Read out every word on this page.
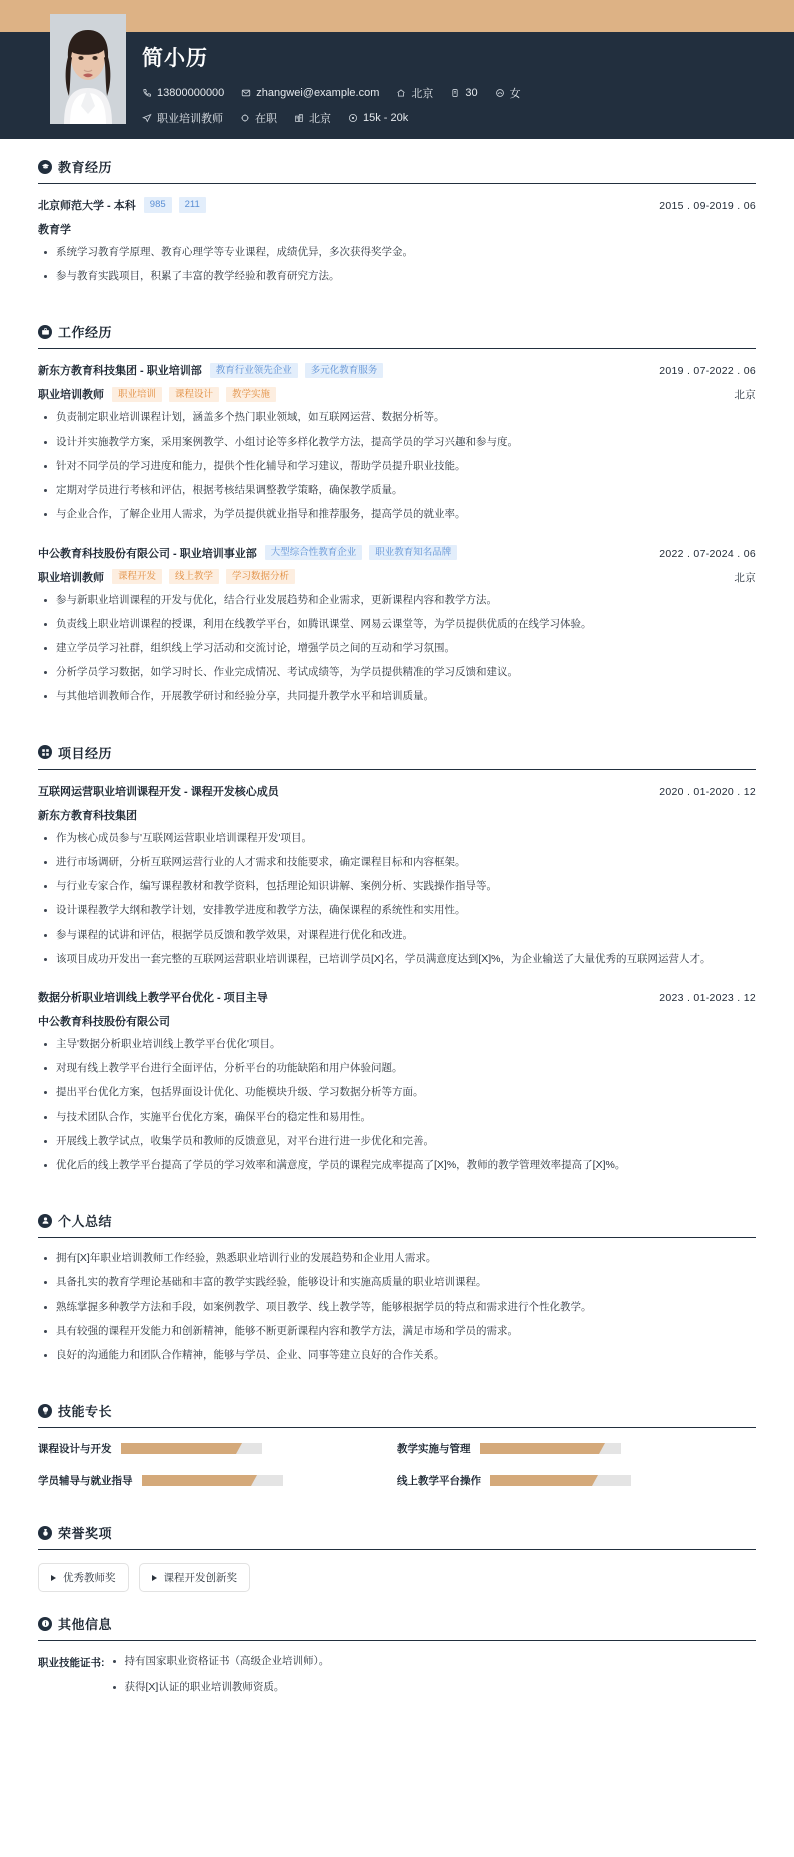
简小历
13800000000	zhangwei@example.com	北京	30	女
职业培训教师	在职	北京	15k - 20k
教育经历
北京师范大学 - 本科	985	211	2015 . 09-2019 . 06
教育学
系统学习教育学原理、教育心理学等专业课程，成绩优异，多次获得奖学金。
参与教育实践项目，积累了丰富的教学经验和教育研究方法。
工作经历
新东方教育科技集团 - 职业培训部	教育行业领先企业	多元化教育服务	2019 . 07-2022 . 06
职业培训教师	职业培训	课程设计	教学实施	北京
负责制定职业培训课程计划，涵盖多个热门职业领域，如互联网运营、数据分析等。
设计并实施教学方案，采用案例教学、小组讨论等多样化教学方法，提高学员的学习兴趣和参与度。
针对不同学员的学习进度和能力，提供个性化辅导和学习建议，帮助学员提升职业技能。
定期对学员进行考核和评估，根据考核结果调整教学策略，确保教学质量。
与企业合作，了解企业用人需求，为学员提供就业指导和推荐服务，提高学员的就业率。
中公教育科技股份有限公司 - 职业培训事业部	大型综合性教育企业	职业教育知名品牌	2022 . 07-2024 . 06
职业培训教师	课程开发	线上教学	学习数据分析	北京
参与新职业培训课程的开发与优化，结合行业发展趋势和企业需求，更新课程内容和教学方法。
负责线上职业培训课程的授课，利用在线教学平台，如腾讯课堂、网易云课堂等，为学员提供优质的在线学习体验。
建立学员学习社群，组织线上学习活动和交流讨论，增强学员之间的互动和学习氛围。
分析学员学习数据，如学习时长、作业完成情况、考试成绩等，为学员提供精准的学习反馈和建议。
与其他培训教师合作，开展教学研讨和经验分享，共同提升教学水平和培训质量。
项目经历
互联网运营职业培训课程开发 - 课程开发核心成员	2020 . 01-2020 . 12
新东方教育科技集团
作为核心成员参与'互联网运营职业培训课程开发'项目。
进行市场调研，分析互联网运营行业的人才需求和技能要求，确定课程目标和内容框架。
与行业专家合作，编写课程教材和教学资料，包括理论知识讲解、案例分析、实践操作指导等。
设计课程教学大纲和教学计划，安排教学进度和教学方法，确保课程的系统性和实用性。
参与课程的试讲和评估，根据学员反馈和教学效果，对课程进行优化和改进。
该项目成功开发出一套完整的互联网运营职业培训课程，已培训学员[X]名，学员满意度达到[X]%，为企业输送了大量优秀的互联网运营人才。
数据分析职业培训线上教学平台优化 - 项目主导	2023 . 01-2023 . 12
中公教育科技股份有限公司
主导'数据分析职业培训线上教学平台优化'项目。
对现有线上教学平台进行全面评估，分析平台的功能缺陷和用户体验问题。
提出平台优化方案，包括界面设计优化、功能模块升级、学习数据分析等方面。
与技术团队合作，实施平台优化方案，确保平台的稳定性和易用性。
开展线上教学试点，收集学员和教师的反馈意见，对平台进行进一步优化和完善。
优化后的线上教学平台提高了学员的学习效率和满意度，学员的课程完成率提高了[X]%，教师的教学管理效率提高了[X]%。
个人总结
拥有[X]年职业培训教师工作经验，熟悉职业培训行业的发展趋势和企业用人需求。
具备扎实的教育学理论基础和丰富的教学实践经验，能够设计和实施高质量的职业培训课程。
熟练掌握多种教学方法和手段，如案例教学、项目教学、线上教学等，能够根据学员的特点和需求进行个性化教学。
具有较强的课程开发能力和创新精神，能够不断更新课程内容和教学方法，满足市场和学员的需求。
良好的沟通能力和团队合作精神，能够与学员、企业、同事等建立良好的合作关系。
技能专长
课程设计与开发	教学实施与管理
学员辅导与就业指导	线上教学平台操作
荣誉奖项
优秀教师奖	课程开发创新奖
其他信息
职业技能证书:	持有国家职业资格证书（高级企业培训师）。
获得[X]认证的职业培训教师资质。
